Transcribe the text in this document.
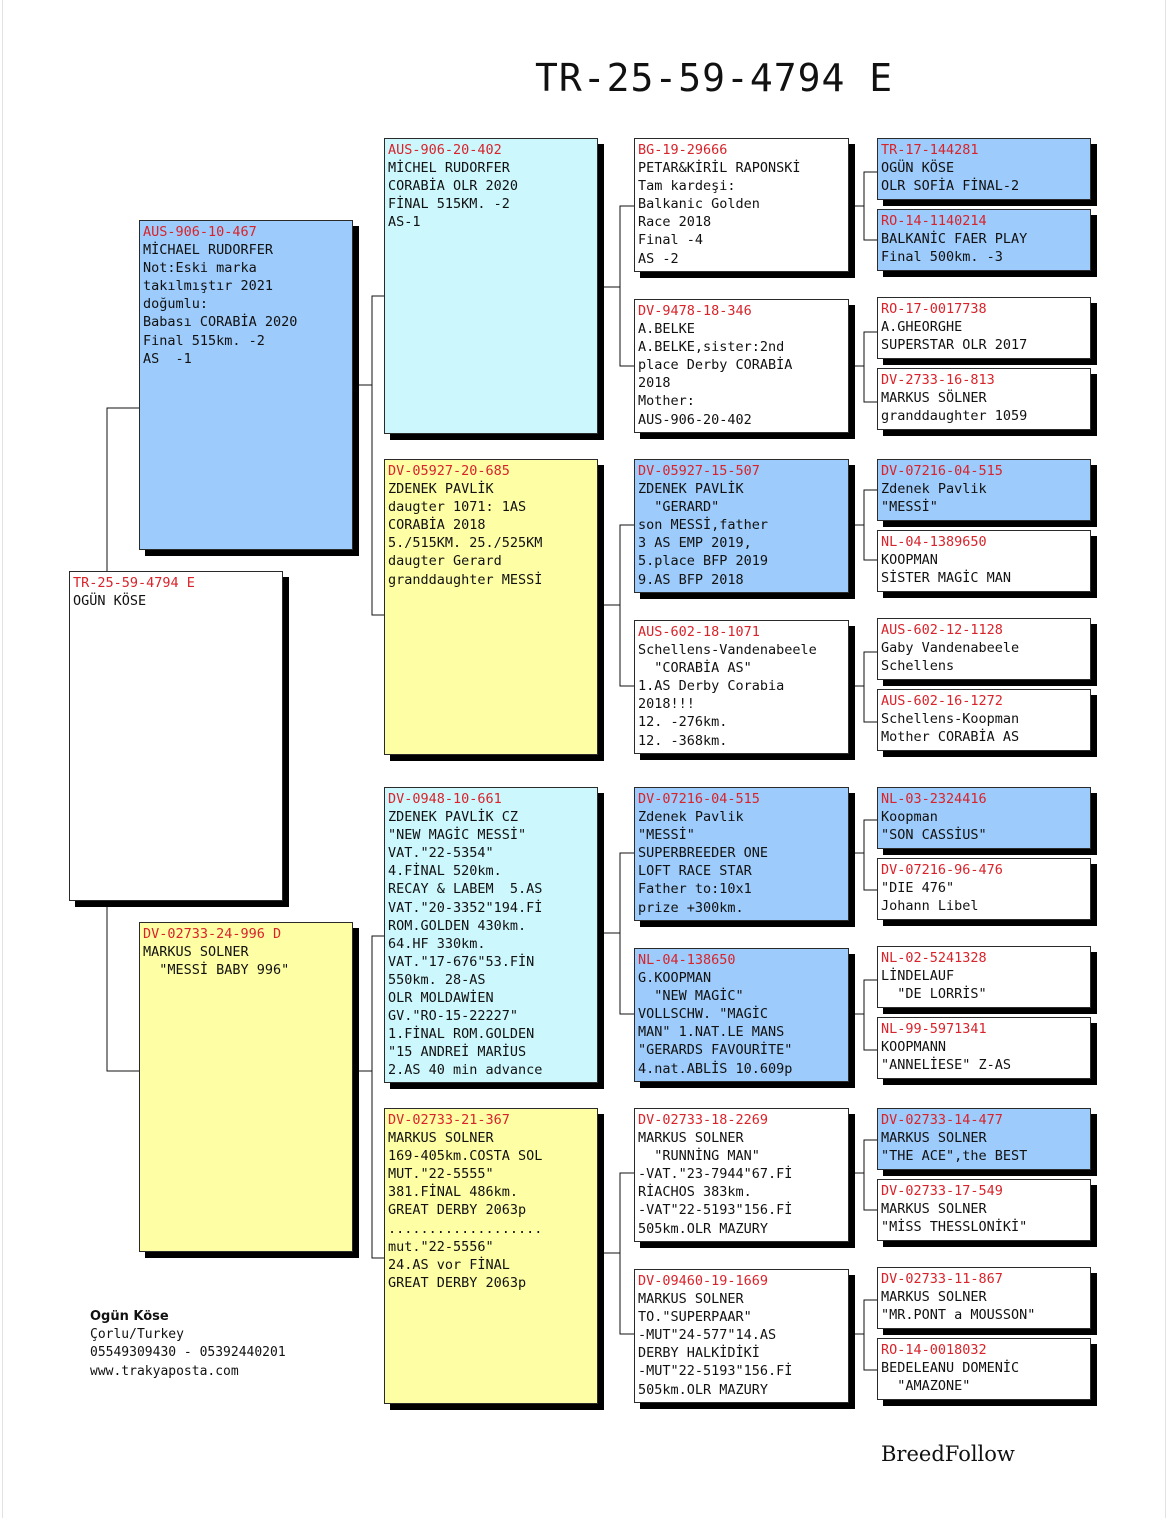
TR-25-59-4794 E
TR-25-59-4794 E
OGÜN KÖSE
AUS-906-10-467
MİCHAEL RUDORFER
Not:Eski marka
takılmıştır 2021
doğumlu:
Babası CORABİA 2020
Final 515km. -2
AS  -1
DV-02733-24-996 D
MARKUS SOLNER
"MESSİ BABY 996"
AUS-906-20-402
MİCHEL RUDORFER
CORABİA OLR 2020
FİNAL 515KM. -2
AS-1
DV-05927-20-685
ZDENEK PAVLİK
daugter 1071: 1AS
CORABİA 2018
5./515KM. 25./525KM
daugter Gerard
granddaughter MESSİ
DV-0948-10-661
ZDENEK PAVLİK CZ
"NEW MAGİC MESSİ"
VAT."22-5354"
4.FİNAL 520km.
RECAY & LABEM  5.AS
VAT."20-3352"194.Fİ
ROM.GOLDEN 430km.
64.HF 330km.
VAT."17-676"53.FİN
550km. 28-AS
OLR MOLDAWİEN
GV."RO-15-22227"
1.FİNAL ROM.GOLDEN
"15 ANDREİ MARİUS
2.AS 40 min advance
DV-02733-21-367
MARKUS SOLNER
169-405km.COSTA SOL
MUT."22-5555"
381.FİNAL 486km.
GREAT DERBY 2063p
...................
mut."22-5556"
24.AS vor FİNAL
GREAT DERBY 2063p
BG-19-29666
PETAR&KİRİL RAPONSKİ
Tam kardeşi:
Balkanic Golden
Race 2018
Final -4
AS -2
DV-9478-18-346
A.BELKE
A.BELKE,sister:2nd
place Derby CORABİA
2018
Mother:
AUS-906-20-402
DV-05927-15-507
ZDENEK PAVLİK
"GERARD"
son MESSİ,father
3 AS EMP 2019,
5.place BFP 2019
9.AS BFP 2018
AUS-602-18-1071
Schellens-Vandenabeele
"CORABİA AS"
1.AS Derby Corabia
2018!!!
12. -276km.
12. -368km.
DV-07216-04-515
Zdenek Pavlik
"MESSİ"
SUPERBREEDER ONE
LOFT RACE STAR
Father to:10x1
prize +300km.
NL-04-138650
G.KOOPMAN
"NEW MAGİC"
VOLLSCHW. "MAGİC
MAN" 1.NAT.LE MANS
"GERARDS FAVOURİTE"
4.nat.ABLİS 10.609p
DV-02733-18-2269
MARKUS SOLNER
"RUNNİNG MAN"
-VAT."23-7944"67.Fİ
RİACHOS 383km.
-VAT"22-5193"156.Fİ
505km.OLR MAZURY
DV-09460-19-1669
MARKUS SOLNER
TO."SUPERPAAR"
-MUT"24-577"14.AS
DERBY HALKİDİKİ
-MUT"22-5193"156.Fİ
505km.OLR MAZURY
TR-17-144281
OGÜN KÖSE
OLR SOFİA FİNAL-2
RO-14-1140214
BALKANİC FAER PLAY
Final 500km. -3
RO-17-0017738
A.GHEORGHE
SUPERSTAR OLR 2017
DV-2733-16-813
MARKUS SÖLNER
granddaughter 1059
DV-07216-04-515
Zdenek Pavlik
"MESSİ"
NL-04-1389650
KOOPMAN
SİSTER MAGİC MAN
AUS-602-12-1128
Gaby Vandenabeele
Schellens
AUS-602-16-1272
Schellens-Koopman
Mother CORABİA AS
NL-03-2324416
Koopman
"SON CASSİUS"
DV-07216-96-476
"DIE 476"
Johann Libel
NL-02-5241328
LİNDELAUF
"DE LORRİS"
NL-99-5971341
KOOPMANN
"ANNELİESE" Z-AS
DV-02733-14-477
MARKUS SOLNER
"THE ACE",the BEST
DV-02733-17-549
MARKUS SOLNER
"MİSS THESSLONİKİ"
DV-02733-11-867
MARKUS SOLNER
"MR.PONT a MOUSSON"
RO-14-0018032
BEDELEANU DOMENİC
"AMAZONE"
Ogün Köse
Çorlu/Turkey
05549309430 - 05392440201
www.trakyaposta.com
BreedFollow
